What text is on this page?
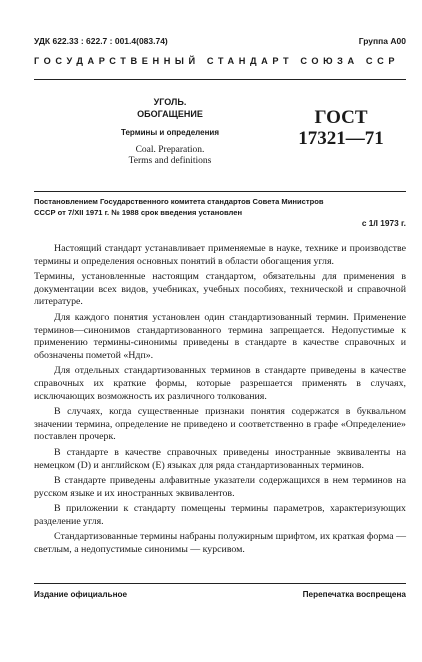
УДК 622.33 : 622.7 : 001.4(083.74)	Группа А00
ГОСУДАРСТВЕННЫЙ СТАНДАРТ СОЮЗА ССР
УГОЛЬ.
ОБОГАЩЕНИЕ
Термины и определения
Coal. Preparation.
Terms and definitions
ГОСТ
17321—71
Постановлением Государственного комитета стандартов Совета Министров
СССР от 7/XII 1971 г. № 1988 срок введения установлен
с 1/I 1973 г.

Настоящий стандарт устанавливает применяемые в науке, технике и производстве термины и определения основных понятий в области обогащения угля.

Термины, установленные настоящим стандартом, обязательны для применения в документации всех видов, учебниках, учебных пособиях, технической и справочной литературе.

Для каждого понятия установлен один стандартизованный термин. Применение терминов—синонимов стандартизованного термина запрещается. Недопустимые к применению термины-синонимы приведены в стандарте в качестве справочных и обозначены пометой «Ндп».

Для отдельных стандартизованных терминов в стандарте приведены в качестве справочных их краткие формы, которые разрешается применять в случаях, исключающих возможность их различного толкования.

В случаях, когда существенные признаки понятия содержатся в буквальном значении термина, определение не приведено и соответственно в графе «Определение» поставлен прочерк.

В стандарте в качестве справочных приведены иностранные эквиваленты на немецком (D) и английском (E) языках для ряда стандартизованных терминов.

В стандарте приведены алфавитные указатели содержащихся в нем терминов на русском языке и их иностранных эквивалентов.

В приложении к стандарту помещены термины параметров, характеризующих разделение угля.

Стандартизованные термины набраны полужирным шрифтом, их краткая форма — светлым, а недопустимые синонимы — курсивом.

Издание официальное	Перепечатка воспрещена
